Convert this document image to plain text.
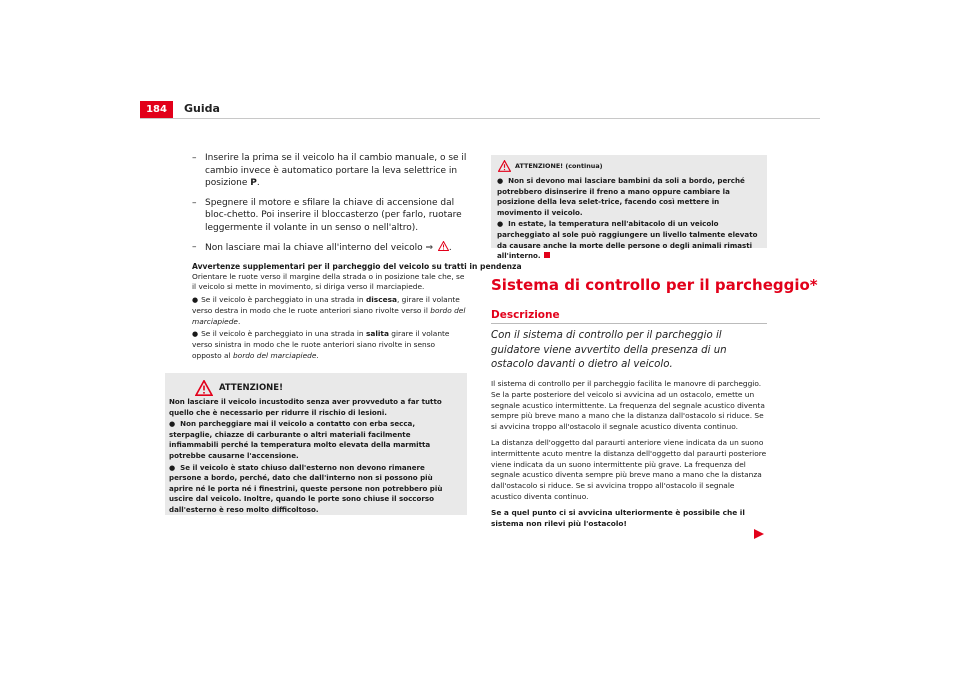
184	Guida
– Inserire la prima se il veicolo ha il cambio manuale, o se il cambio invece è automatico portare la leva selettrice in posizione P.
– Spegnere il motore e sfilare la chiave di accensione dal bloc-chetto. Poi inserire il bloccasterzo (per farlo, ruotare leggermente il volante in un senso o nell'altro).
– Non lasciare mai la chiave all'interno del veicolo ⇒ .
Avvertenze supplementari per il parcheggio del veicolo su tratti in pendenza
Orientare le ruote verso il margine della strada o in posizione tale che, se il veicolo si mette in movimento, si diriga verso il marciapiede.
● Se il veicolo è parcheggiato in una strada in discesa, girare il volante verso destra in modo che le ruote anteriori siano rivolte verso il bordo del marciapiede.
● Se il veicolo è parcheggiato in una strada in salita girare il volante verso sinistra in modo che le ruote anteriori siano rivolte in senso opposto al bordo del marciapiede.
ATTENZIONE!

Non lasciare il veicolo incustodito senza aver provveduto a far tutto quello che è necessario per ridurre il rischio di lesioni.

●  Non parcheggiare mai il veicolo a contatto con erba secca, sterpaglie, chiazze di carburante o altri materiali facilmente infiammabili perché la temperatura molto elevata della marmitta potrebbe causarne l'accensione.

●  Se il veicolo è stato chiuso dall'esterno non devono rimanere persone a bordo, perché, dato che dall'interno non si possono più aprire né le porta né i finestrini, queste persone non potrebbero più uscire dal veicolo. Inoltre, quando le porte sono chiuse il soccorso dall'esterno è reso molto difficoltoso.

ATTENZIONE! (continua)

●  Non si devono mai lasciare bambini da soli a bordo, perché potrebbero disinserire il freno a mano oppure cambiare la posizione della leva selet-trice, facendo così mettere in movimento il veicolo.

●  In estate, la temperatura nell'abitacolo di un veicolo parcheggiato al sole può raggiungere un livello talmente elevato da causare anche la morte delle persone o degli animali rimasti all'interno.

Sistema di controllo per il parcheggio*
Descrizione
Con il sistema di controllo per il parcheggio il guidatore viene avvertito della presenza di un ostacolo davanti o dietro al veicolo.

Il sistema di controllo per il parcheggio facilita le manovre di parcheggio. Se la parte posteriore del veicolo si avvicina ad un ostacolo, emette un segnale acustico intermittente. La frequenza del segnale acustico diventa sempre più breve mano a mano che la distanza dall'ostacolo si riduce. Se si avvicina troppo all'ostacolo il segnale acustico diventa continuo.

La distanza dell'oggetto dal paraurti anteriore viene indicata da un suono intermittente acuto mentre la distanza dell'oggetto dal paraurti posteriore viene indicata da un suono intermittente più grave. La frequenza del segnale acustico diventa sempre più breve mano a mano che la distanza dall'ostacolo si riduce. Se si avvicina troppo all'ostacolo il segnale acustico diventa continuo.

Se a quel punto ci si avvicina ulteriormente è possibile che il sistema non rilevi più l'ostacolo!
